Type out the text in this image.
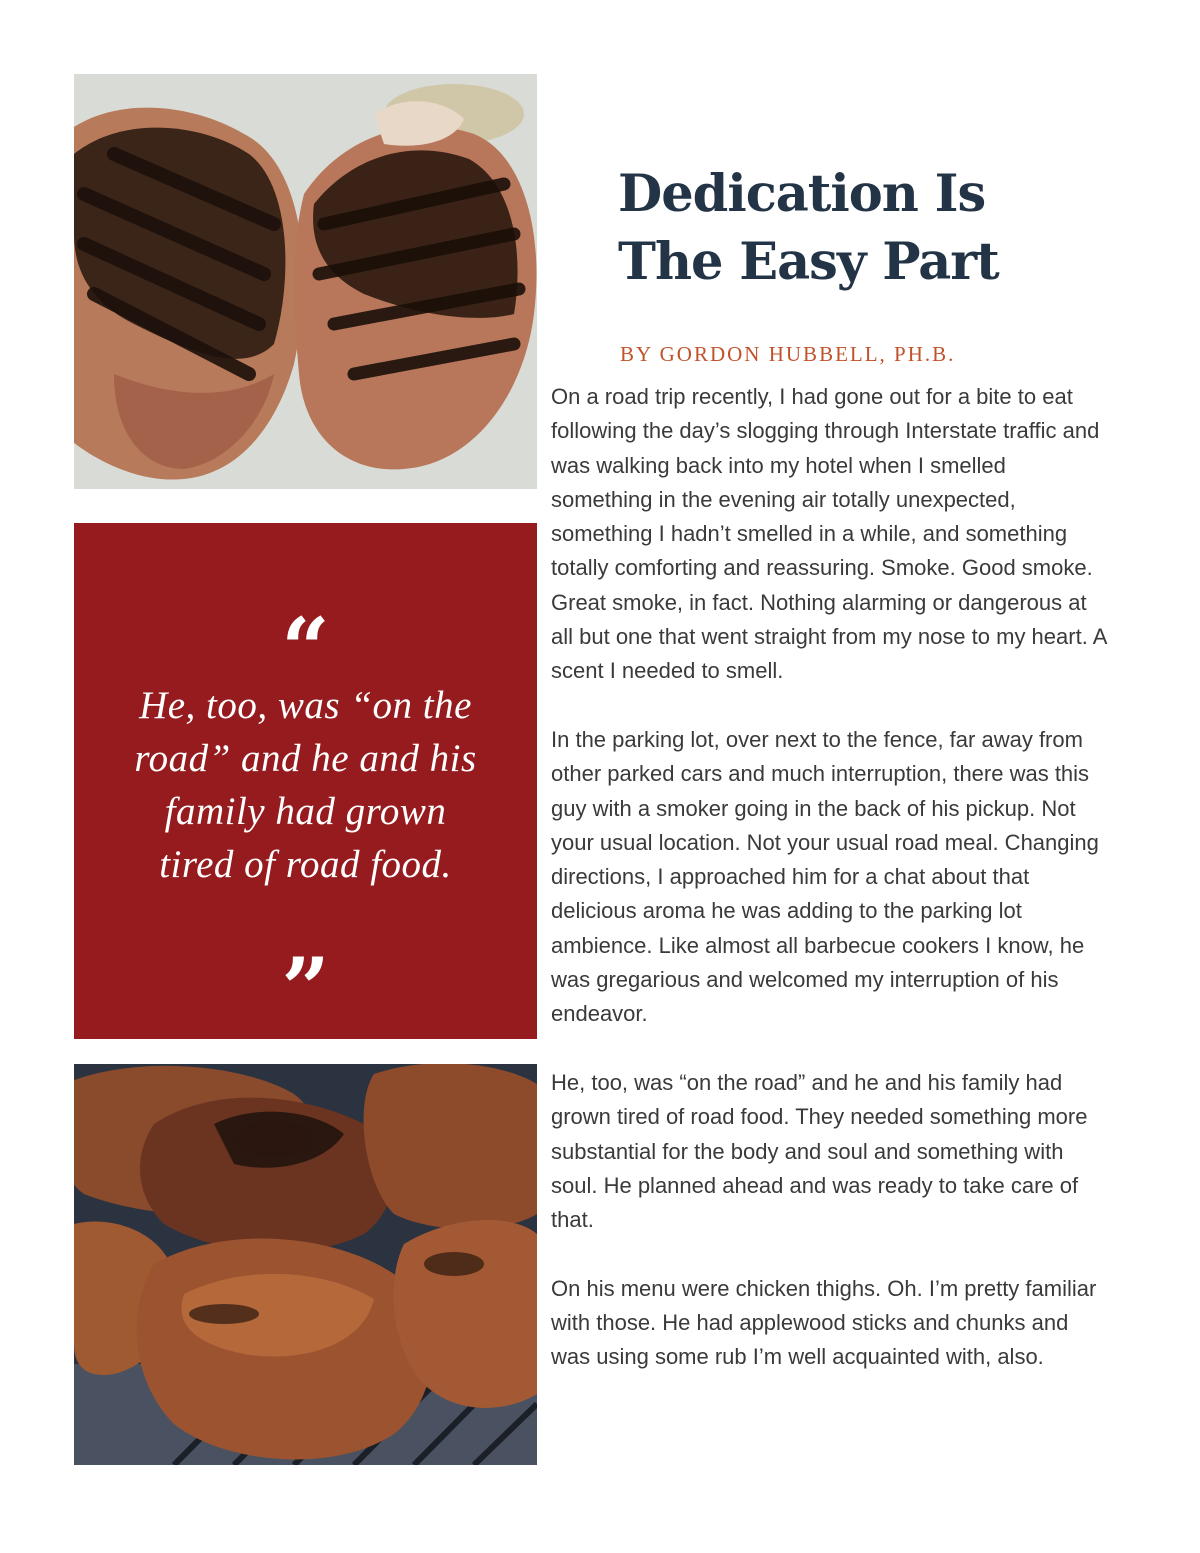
“

He, too, was “on the road” and he and his family had grown tired of road food.

”
Dedication Is
The Easy Part

BY GORDON HUBBELL, PH.B.

On a road trip recently, I had gone out for a bite to eat following the day’s slogging through Interstate traffic and was walking back into my hotel when I smelled something in the evening air totally unexpected, something I hadn’t smelled in a while, and something totally comforting and reassuring. Smoke. Good smoke. Great smoke, in fact. Nothing alarming or dangerous at all but one that went straight from my nose to my heart. A scent I needed to smell.

In the parking lot, over next to the fence, far away from other parked cars and much interruption, there was this guy with a smoker going in the back of his pickup. Not your usual location. Not your usual road meal. Changing directions, I approached him for a chat about that delicious aroma he was adding to the parking lot ambience. Like almost all barbecue cookers I know, he was gregarious and welcomed my interruption of his endeavor.

He, too, was “on the road” and he and his family had grown tired of road food. They needed something more substantial for the body and soul and something with soul. He planned ahead and was ready to take care of that.

On his menu were chicken thighs. Oh. I’m pretty familiar with those. He had applewood sticks and chunks and was using some rub I’m well acquainted with, also.
